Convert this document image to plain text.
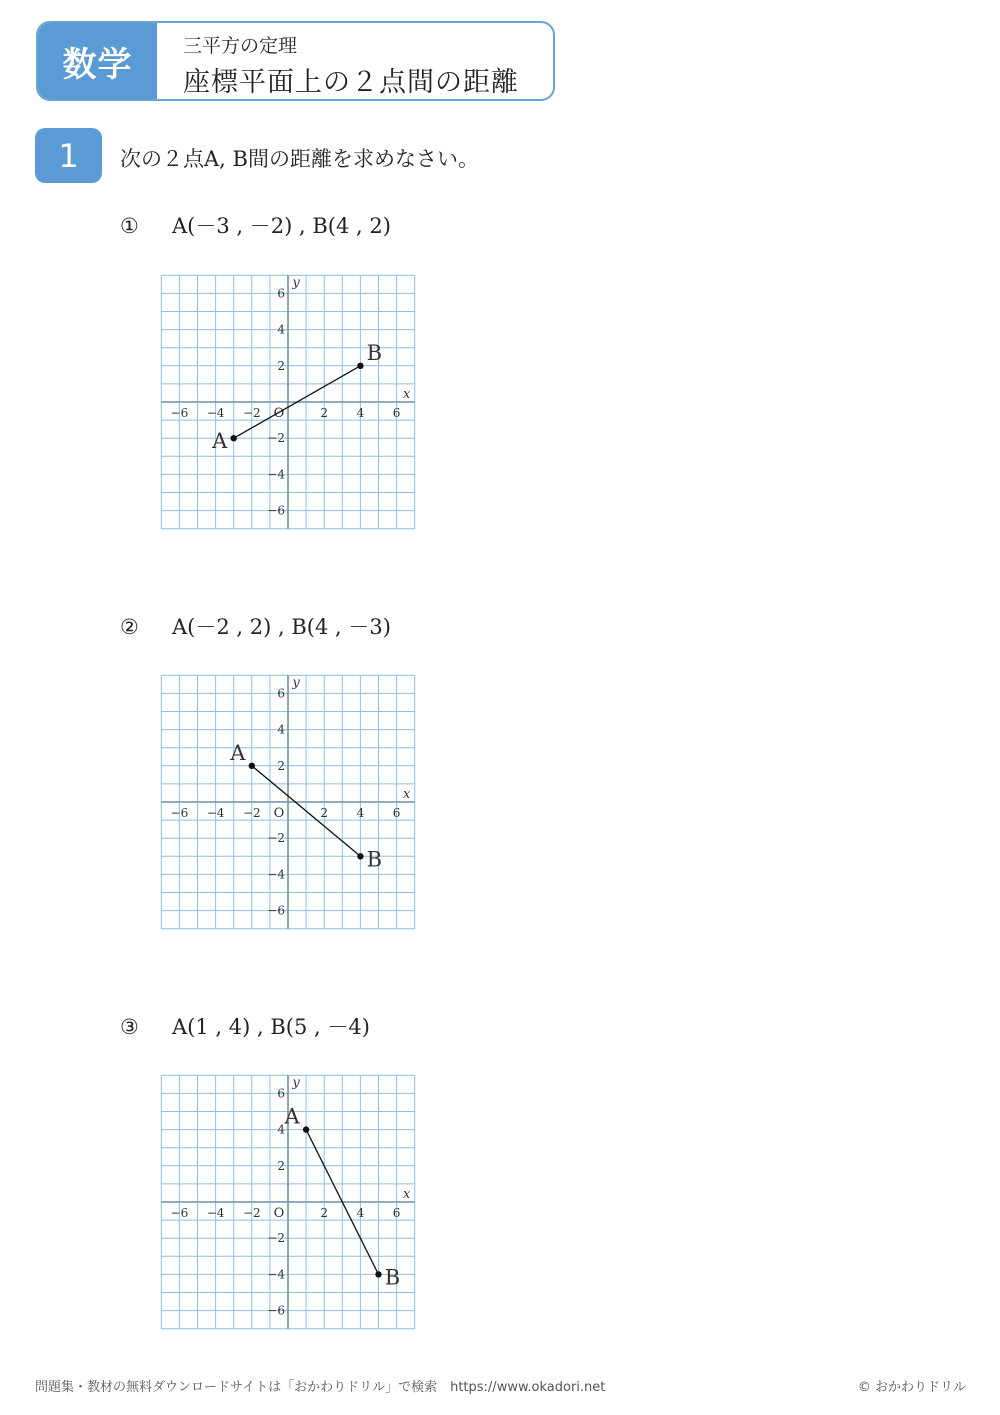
数学	三平方の定理
座標平面上の２点間の距離
1	次の２点A, B間の距離を求めなさい。
① A(－3 , －2) , B(4 , 2)
−6 −4 −2	2 4 6
6
4
2
−2
−4
−6
O
x
y
A
B
② A(－2 , 2) , B(4 , －3)
−6 −4 −2	2 4 6
6
4
2
−2
−4
−6
O
x
y
A
B
③ A(1 , 4) , B(5 , －4)
−6 −4 −2	2 4 6
6
4
2
−2
−4
−6
O
x
y
A
B
問題集・教材の無料ダウンロードサイトは「おかわりドリル」で検索　https://www.okadori.net	© おかわりドリル
